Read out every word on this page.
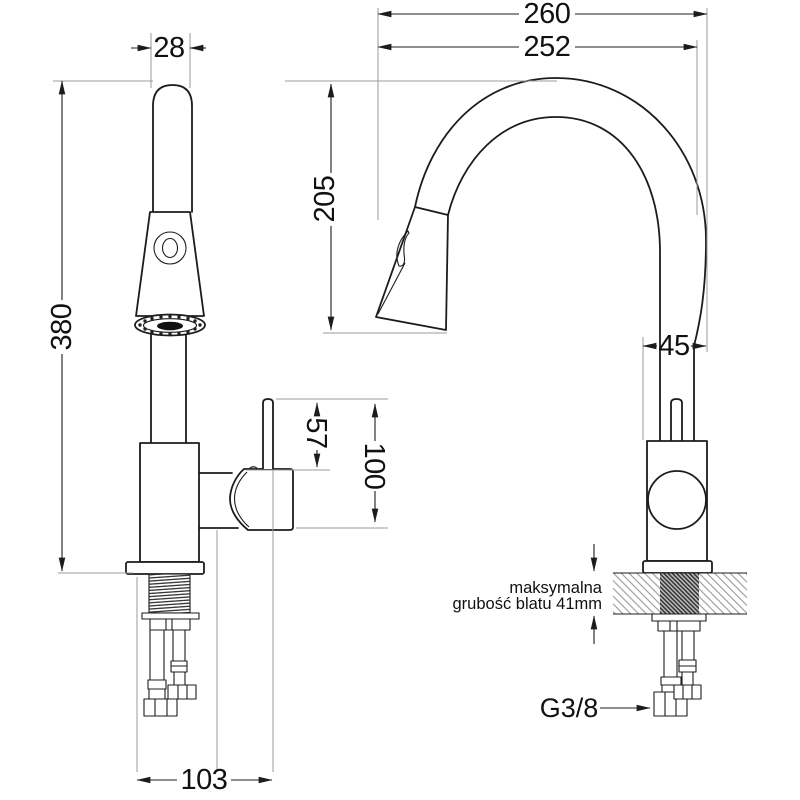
28
380
260
252
205
45
57
100
103
G3/8
maksymalna
grubość blatu 41mm
